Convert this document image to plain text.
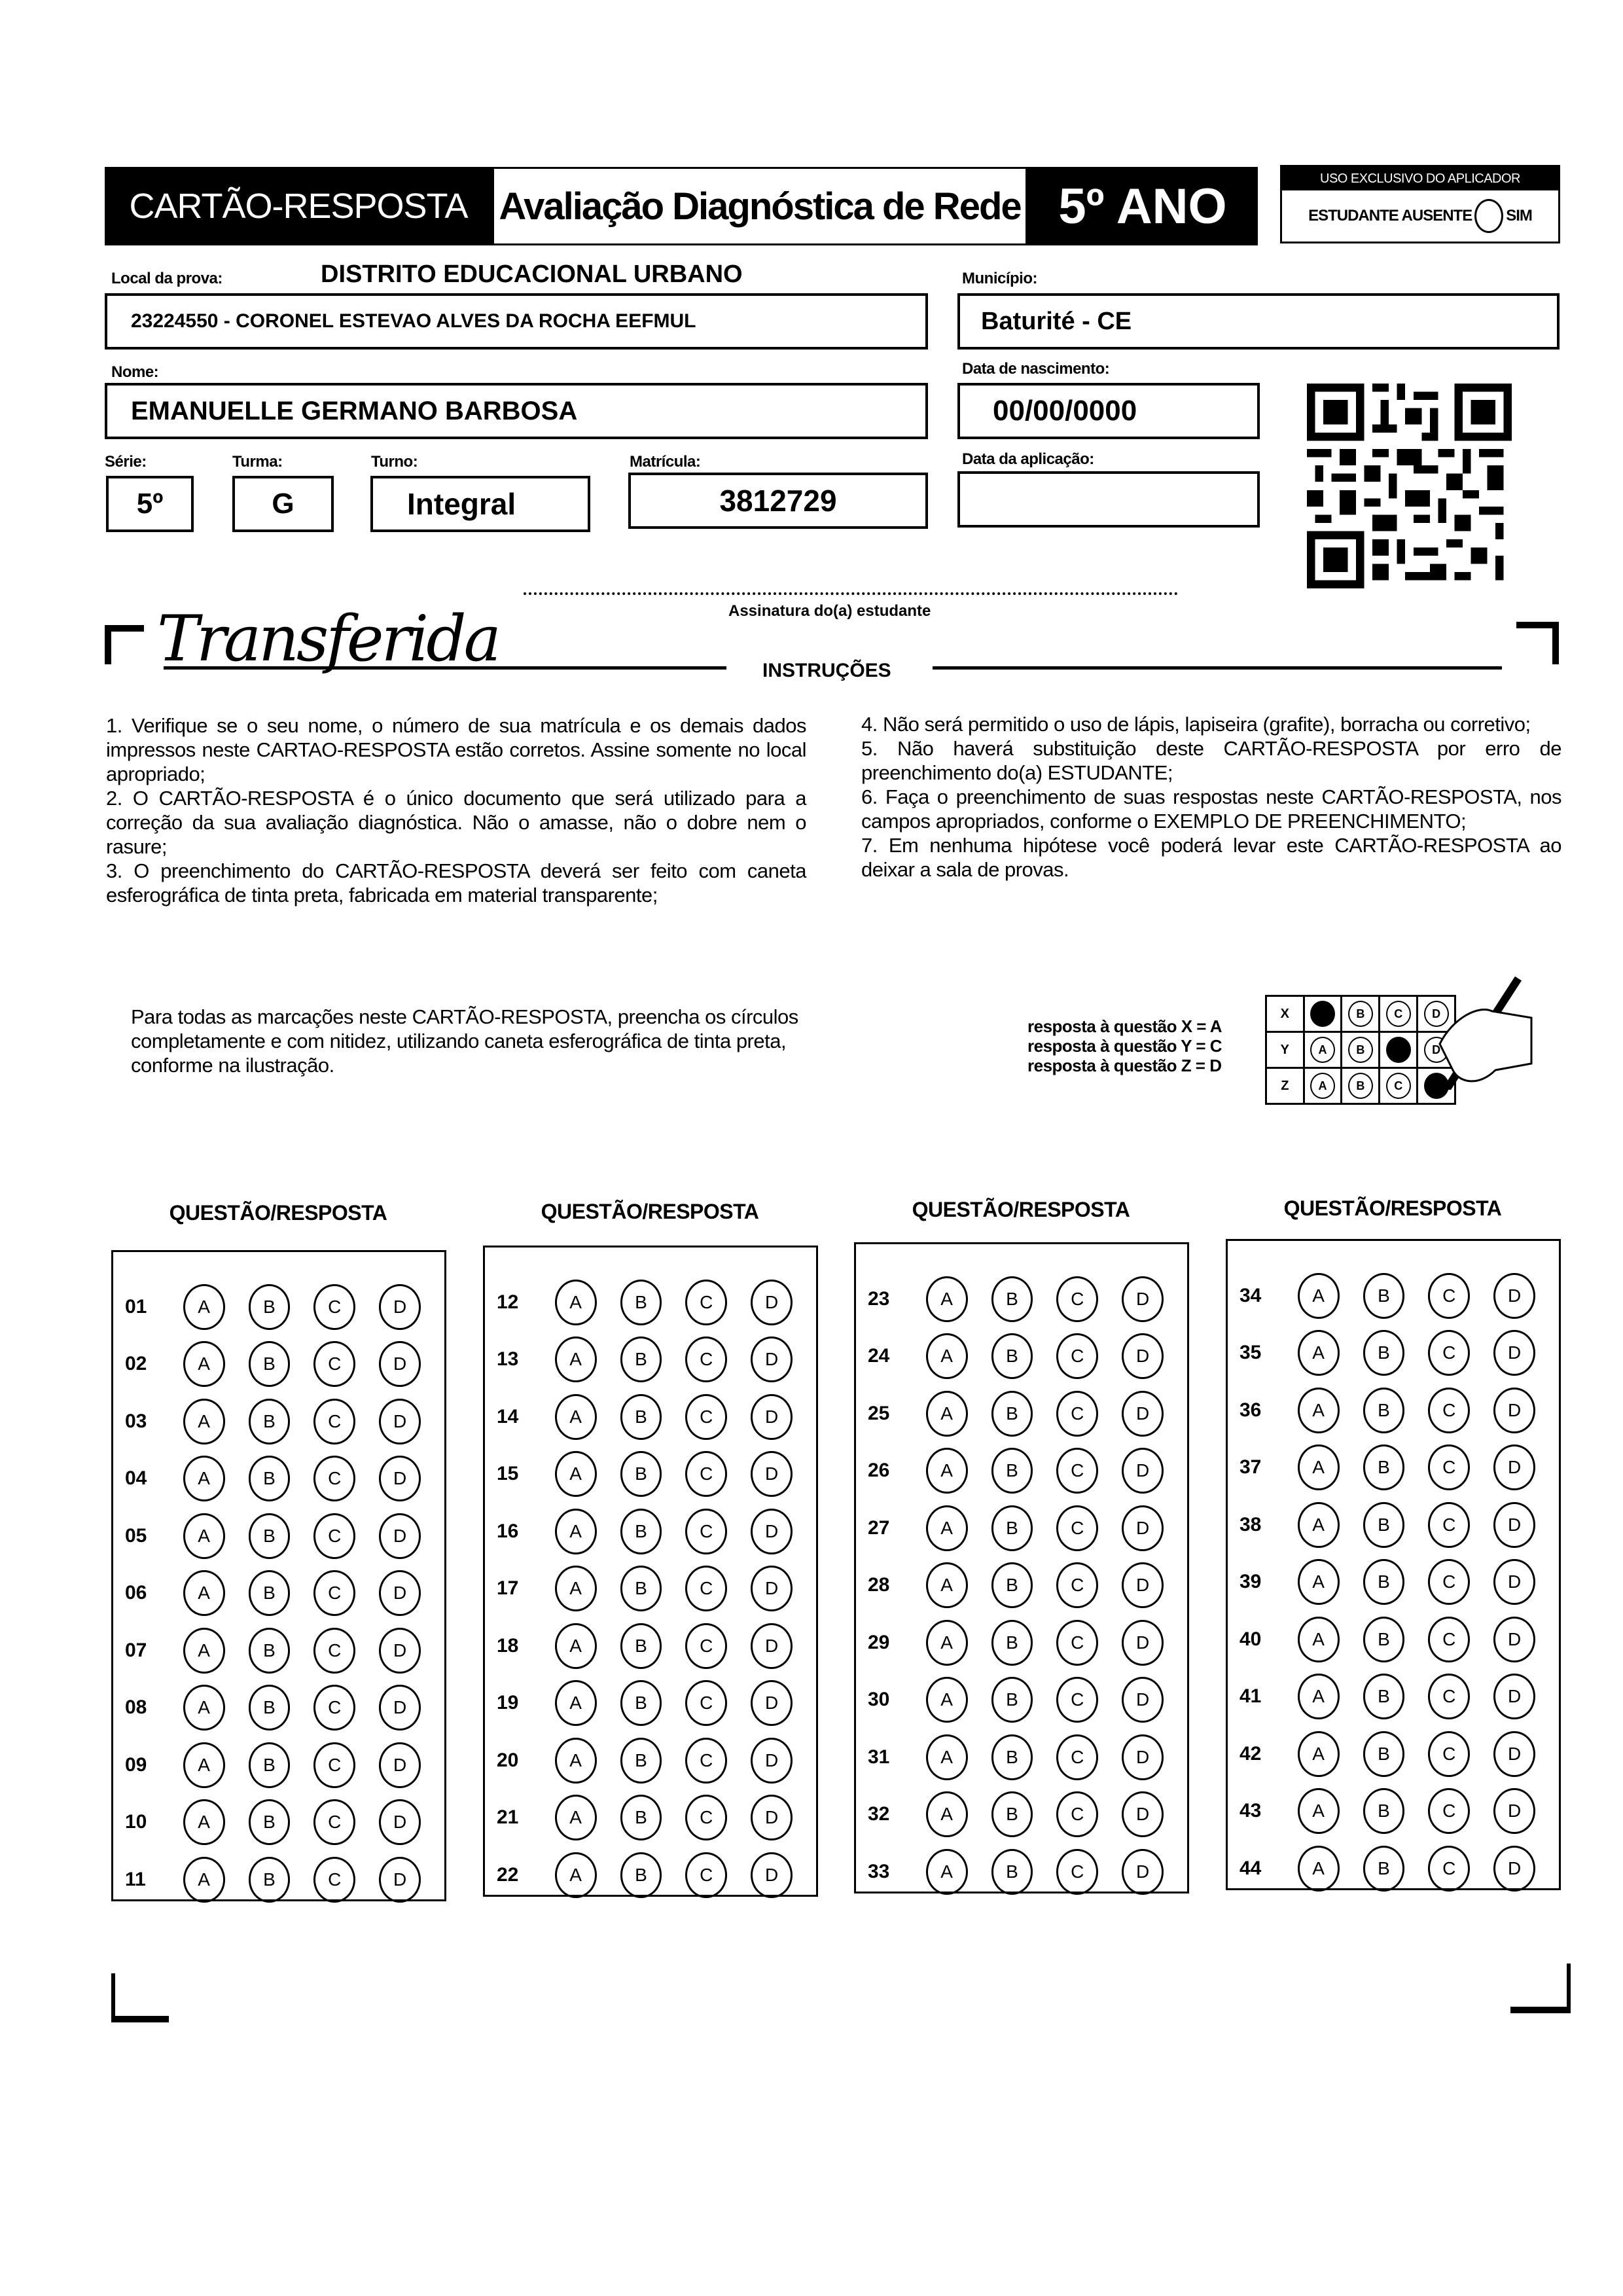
CARTÃO-RESPOSTA Avaliação Diagnóstica de Rede 5º ANO	USO EXCLUSIVO DO APLICADOR
ESTUDANTE AUSENTE SIM
Local da prova:	DISTRITO EDUCACIONAL URBANO
23224550 - CORONEL ESTEVAO ALVES DA ROCHA EEFMUL
Município:
Baturité - CE
Nome:
EMANUELLE GERMANO BARBOSA
Data de nascimento:
00/00/0000
Série:
5º
Turma:
G
Turno:
Integral
Matrícula:
3812729
Data da aplicação:
Assinatura do(a) estudante
Transferida	INSTRUÇÕES

1. Verifique se o seu nome, o número de sua matrícula e os demais dados impressos neste CARTAO-RESPOSTA estão corretos. Assine somente no local apropriado;

2. O CARTÃO-RESPOSTA é o único documento que será utilizado para a correção da sua avaliação diagnóstica. Não o amasse, não o dobre nem o rasure;

3. O preenchimento do CARTÃO-RESPOSTA deverá ser feito com caneta esferográfica de tinta preta, fabricada em material transparente;

4. Não será permitido o uso de lápis, lapiseira (grafite), borracha ou corretivo;

5. Não haverá substituição deste CARTÃO-RESPOSTA por erro de preenchimento do(a) ESTUDANTE;

6. Faça o preenchimento de suas respostas neste CARTÃO-RESPOSTA, nos campos apropriados, conforme o EXEMPLO DE PREENCHIMENTO;

7. Em nenhuma hipótese você poderá levar este CARTÃO-RESPOSTA ao deixar a sala de provas.

Para todas as marcações neste CARTÃO-RESPOSTA, preencha os círculos completamente e com nitidez, utilizando caneta esferográfica de tinta preta, conforme na ilustração.
resposta à questão X = A
resposta à questão Y = C
resposta à questão Z = D
X		B	C	D

Y	A	B		D

Z	A	B	C	

QUESTÃO/RESPOSTA
01	A	B	C	D
02	A	B	C	D
03	A	B	C	D
04	A	B	C	D
05	A	B	C	D
06	A	B	C	D
07	A	B	C	D
08	A	B	C	D
09	A	B	C	D
10	A	B	C	D
11	A	B	C	D
QUESTÃO/RESPOSTA
12	A	B	C	D
13	A	B	C	D
14	A	B	C	D
15	A	B	C	D
16	A	B	C	D
17	A	B	C	D
18	A	B	C	D
19	A	B	C	D
20	A	B	C	D
21	A	B	C	D
22	A	B	C	D
QUESTÃO/RESPOSTA
23	A	B	C	D
24	A	B	C	D
25	A	B	C	D
26	A	B	C	D
27	A	B	C	D
28	A	B	C	D
29	A	B	C	D
30	A	B	C	D
31	A	B	C	D
32	A	B	C	D
33	A	B	C	D
QUESTÃO/RESPOSTA
34	A	B	C	D
35	A	B	C	D
36	A	B	C	D
37	A	B	C	D
38	A	B	C	D
39	A	B	C	D
40	A	B	C	D
41	A	B	C	D
42	A	B	C	D
43	A	B	C	D
44	A	B	C	D
